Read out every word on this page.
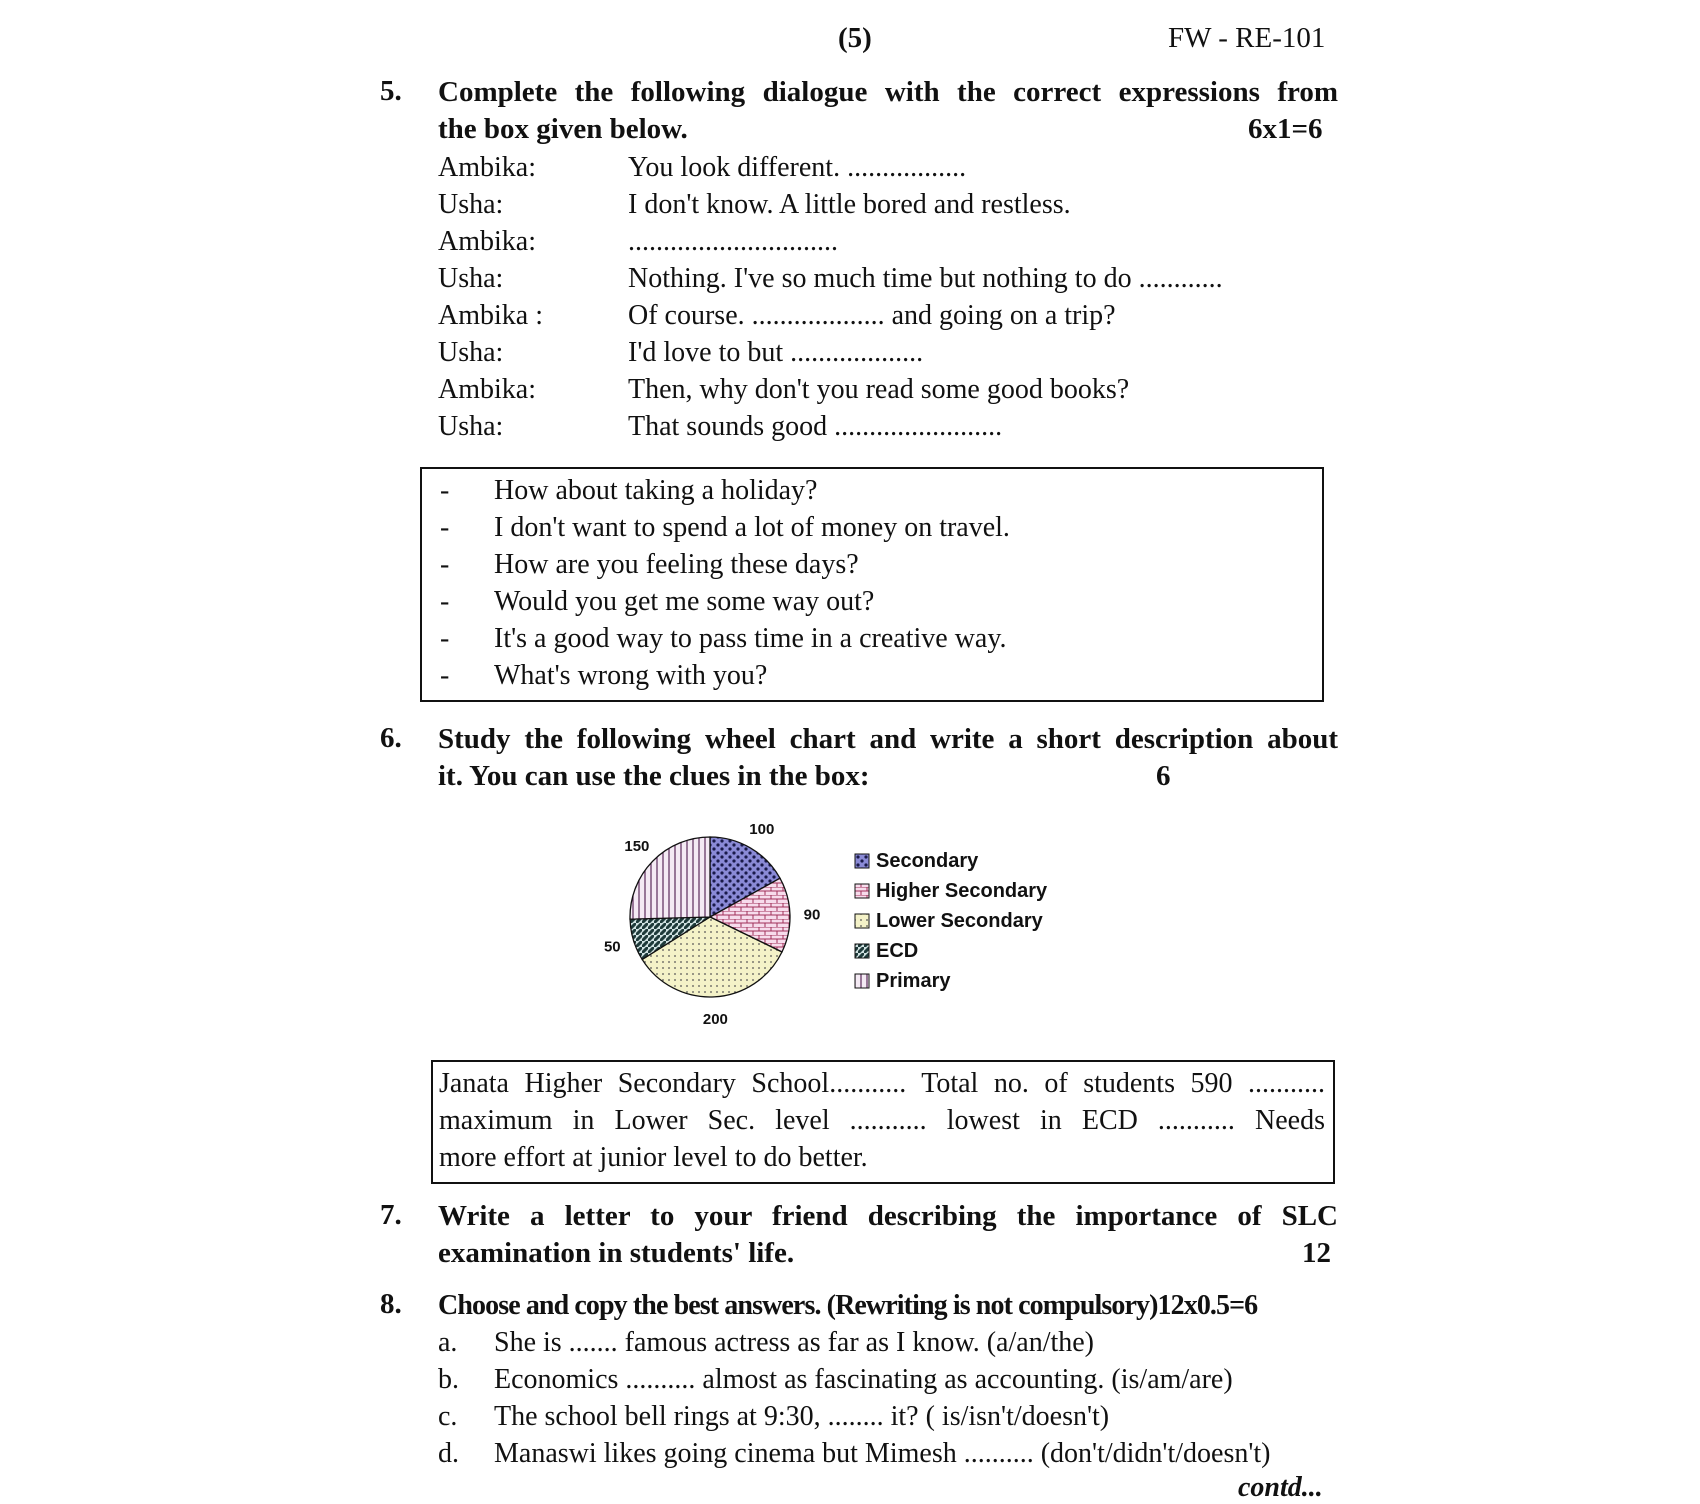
(5)	FW - RE-101
5. Complete the following dialogue with the correct expressions from
the box given below.	6x1=6
Ambika:	You look different. .................
Usha:	I don't know. A little bored and restless.
Ambika:	..............................
Usha:	Nothing. I've so much time but nothing to do ............
Ambika :	Of course. ................... and going on a trip?
Usha:	I'd love to but ...................
Ambika:	Then, why don't you read some good books?
Usha:	That sounds good ........................
- How about taking a holiday?
- I don't want to spend a lot of money on travel.
- How are you feeling these days?
- Would you get me some way out?
- It's a good way to pass time in a creative way.
- What's wrong with you?
6. Study the following wheel chart and write a short description about
it. You can use the clues in the box:	6
100
90
200
50
150
Secondary
Higher Secondary
Lower Secondary
ECD
Primary
Janata Higher Secondary School........... Total no. of students 590 ...........
maximum in Lower Sec. level ........... lowest in ECD ........... Needs
more effort at junior level to do better.
7. Write a letter to your friend describing the importance of SLC
examination in students' life.	12
8. Choose and copy the best answers. (Rewriting is not compulsory)12x0.5=6
a. She is ....... famous actress as far as I know. (a/an/the)
b. Economics .......... almost as fascinating as accounting. (is/am/are)
c. The school bell rings at 9:30, ........ it? ( is/isn't/doesn't)
d. Manaswi likes going cinema but Mimesh .......... (don't/didn't/doesn't)
contd...
